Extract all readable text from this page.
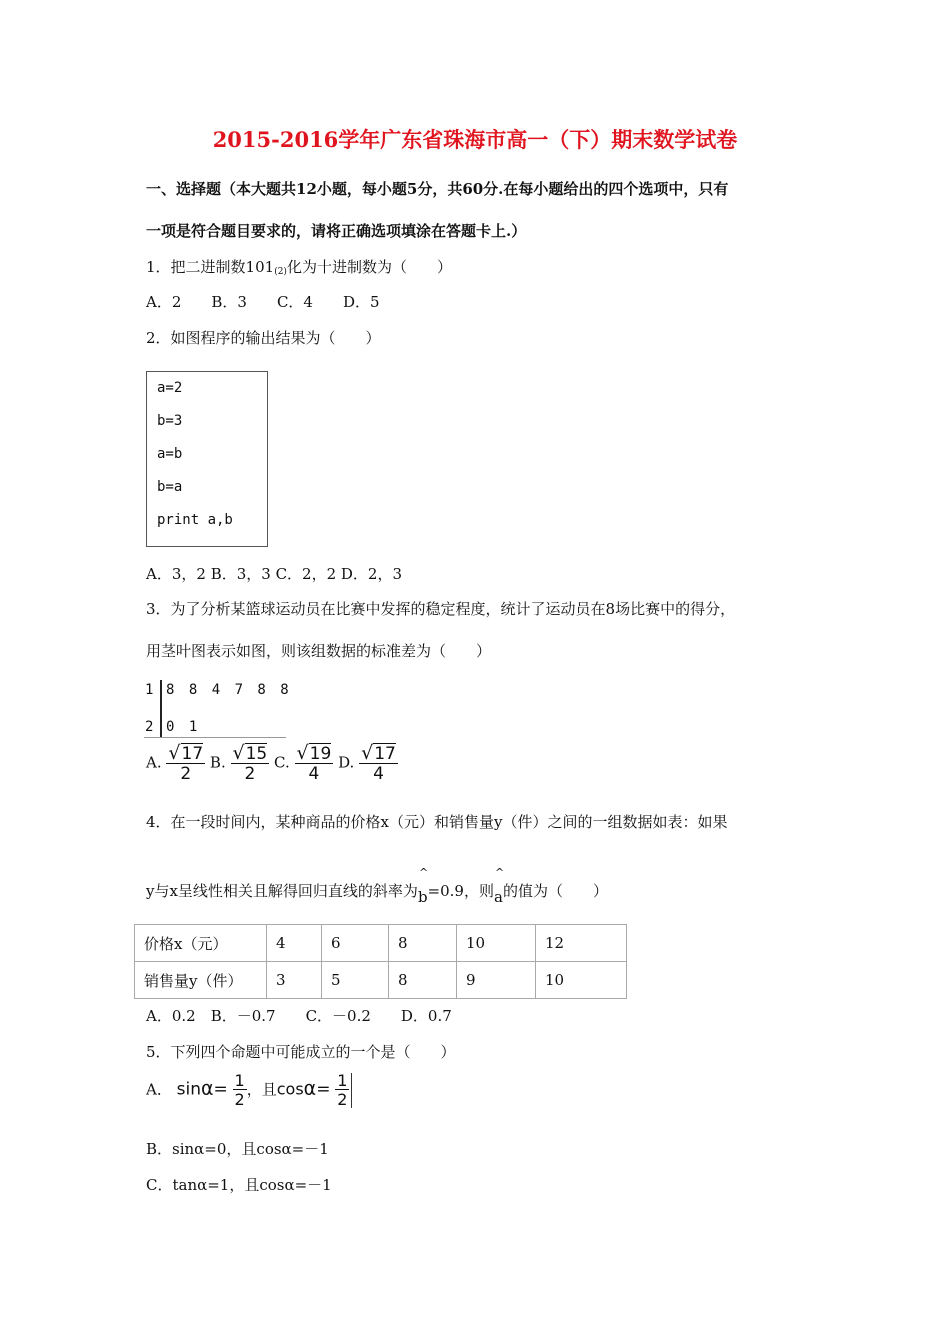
2015-2016学年广东省珠海市高一（下）期末数学试卷
一、选择题（本大题共12小题，每小题5分，共60分.在每小题给出的四个选项中，只有
一项是符合题目要求的，请将正确选项填涂在答题卡上.）
1．把二进制数$101_{(2)}$化为十进制数为（　　）
A．2　　B．3　　C．4　　D．5
2．如图程序的输出结果为（　　）
a=2
b=3
a=b
b=a
print a,b
A．3，2 B．3，3 C．2，2 D．2，3
3．为了分析某篮球运动员在比赛中发挥的稳定程度，统计了运动员在8场比赛中的得分，
用茎叶图表示如图，则该组数据的标准差为（　　）
1 8 8 4 7 8 8
2 0 1
A. $\frac{√17}{2} B$. $\frac{√15}{2} C$. $\frac{√19}{4} D$. $\frac{√17}{4}$
4．在一段时间内，某种商品的价格x（元）和销售量y（件）之间的一组数据如表：如果
y与x呈线性相关且解得回归直线的斜率为
^
b=0.9，则
^
a的值为（　　）
价格x（元）	4	6	8	10	12
销售量y（件）	3	5	8	9	10
A．0.2　B．－0.7　　C．－0.2　　D．0.7
5．下列四个命题中可能成立的一个是（　　）
A． $\sin\alpha= \frac{1}{2}$ ，且$\cos\alpha= \frac{1}{2}$
B．sinα=0，且cosα=－1
C．tanα=1，且cosα=－1
